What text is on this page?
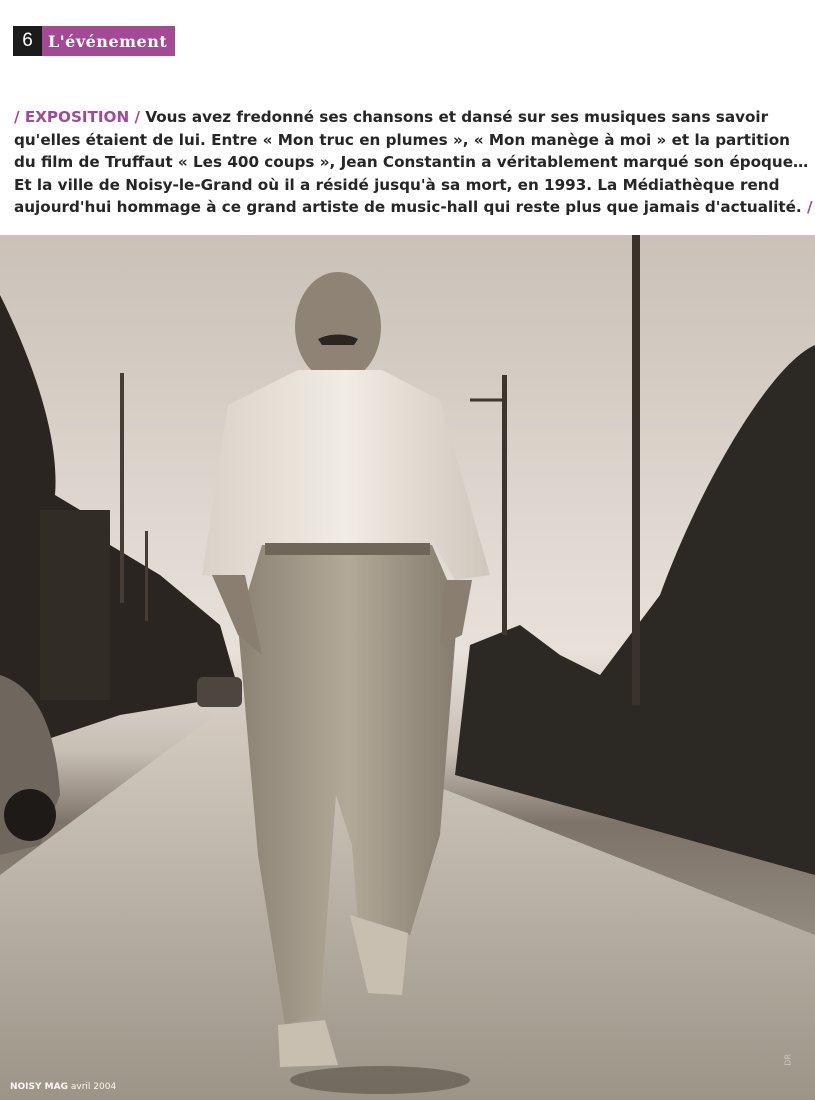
6 L'événement

/ EXPOSITION / Vous avez fredonné ses chansons et dansé sur ses musiques sans savoir
qu'elles étaient de lui. Entre « Mon truc en plumes », « Mon manège à moi » et la partition
du film de Truffaut « Les 400 coups », Jean Constantin a véritablement marqué son époque…
Et la ville de Noisy-le-Grand où il a résidé jusqu'à sa mort, en 1993. La Médiathèque rend
aujourd'hui hommage à ce grand artiste de music-hall qui reste plus que jamais d'actualité. /

DR
NOISY MAG avril 2004
